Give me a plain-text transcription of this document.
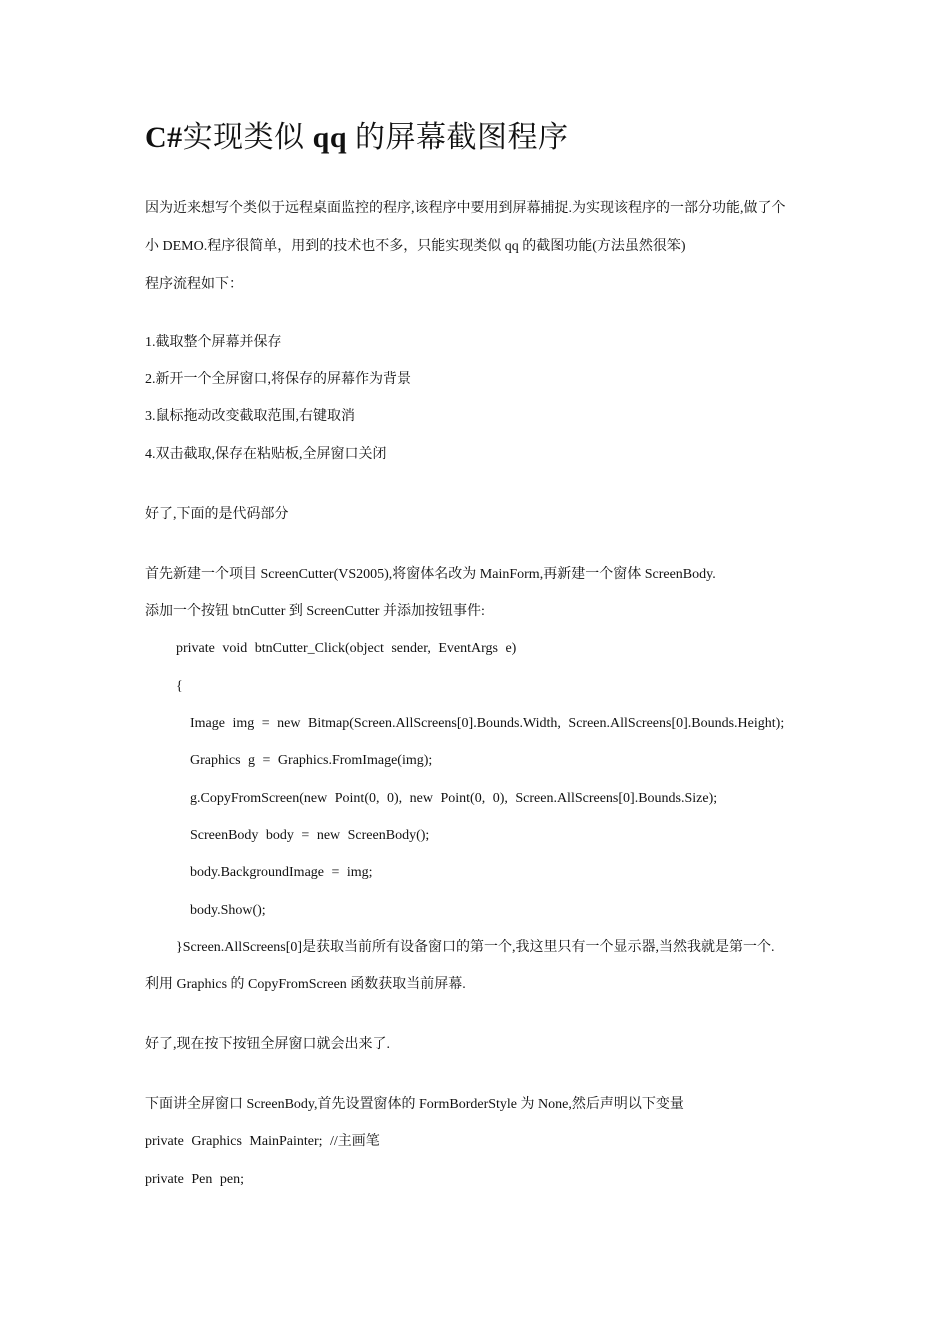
C#实现类似 qq 的屏幕截图程序
因为近来想写个类似于远程桌面监控的程序,该程序中要用到屏幕捕捉.为实现该程序的一部分功能,做了个
小 DEMO.程序很简单，用到的技术也不多，只能实现类似 qq 的截图功能(方法虽然很笨)
程序流程如下：
1.截取整个屏幕并保存
2.新开一个全屏窗口,将保存的屏幕作为背景
3.鼠标拖动改变截取范围,右键取消
4.双击截取,保存在粘贴板,全屏窗口关闭
好了,下面的是代码部分
首先新建一个项目 ScreenCutter(VS2005),将窗体名改为 MainForm,再新建一个窗体 ScreenBody.
添加一个按钮 btnCutter 到 ScreenCutter 并添加按钮事件:
private void btnCutter_Click(object sender, EventArgs e)
{
Image img = new Bitmap(Screen.AllScreens[0].Bounds.Width, Screen.AllScreens[0].Bounds.Height);
Graphics g = Graphics.FromImage(img);
g.CopyFromScreen(new Point(0, 0), new Point(0, 0), Screen.AllScreens[0].Bounds.Size);
ScreenBody body = new ScreenBody();
body.BackgroundImage = img;
body.Show();
}Screen.AllScreens[0]是获取当前所有设备窗口的第一个,我这里只有一个显示器,当然我就是第一个.
利用 Graphics 的 CopyFromScreen 函数获取当前屏幕.
好了,现在按下按钮全屏窗口就会出来了.
下面讲全屏窗口 ScreenBody,首先设置窗体的 FormBorderStyle 为 None,然后声明以下变量
private Graphics MainPainter; //主画笔
private Pen pen;
